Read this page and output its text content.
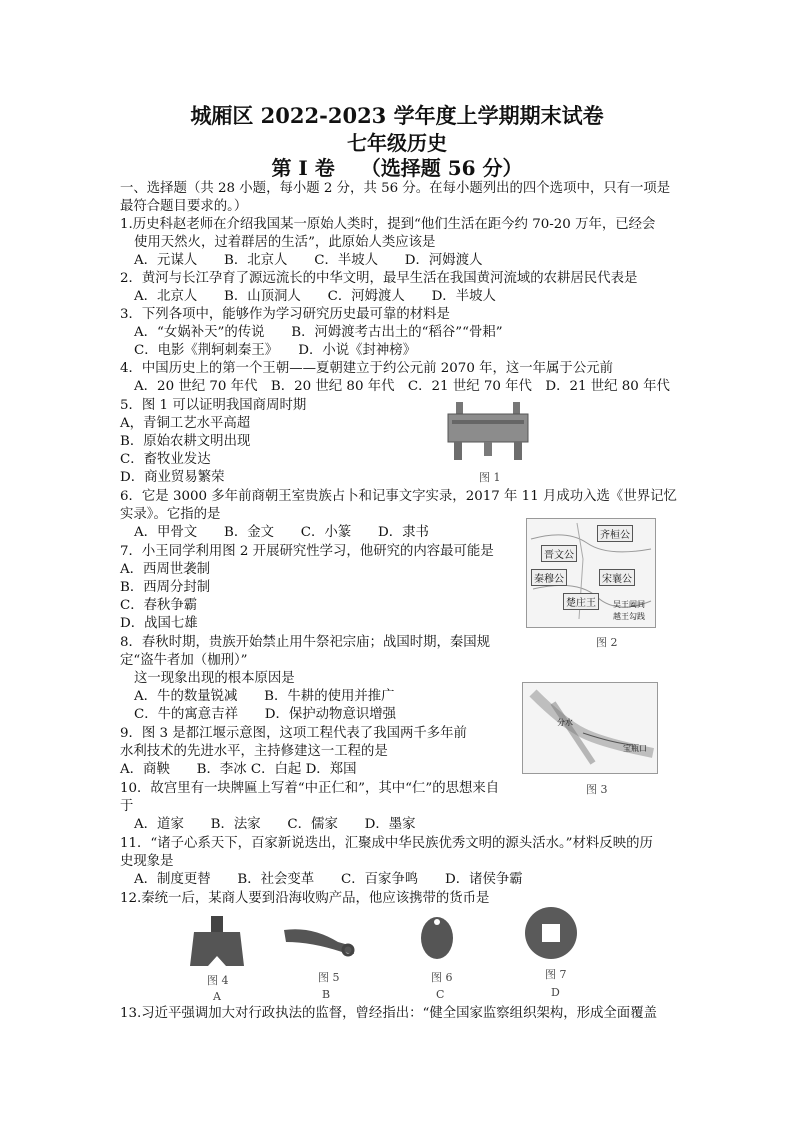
城厢区 2022-2023 学年度上学期期末试卷
七年级历史
第 I 卷 （选择题 56 分）
一、选择题（共 28 小题，每小题 2 分，共 56 分。在每小题列出的四个选项中，只有一项是
最符合题目要求的。）
1.历史科赵老师在介绍我国某一原始人类时，提到“他们生活在距今约 70-20 万年，已经会
使用天然火，过着群居的生活”，此原始人类应该是
A．元谋人　　B．北京人　　C．半坡人　　D．河姆渡人
2．黄河与长江孕育了源远流长的中华文明，最早生活在我国黄河流域的农耕居民代表是
A．北京人　　B．山顶洞人　　C．河姆渡人　　D．半坡人
3．下列各项中，能够作为学习研究历史最可靠的材料是
A．“女娲补天”的传说　　B．河姆渡考古出土的“稻谷”“骨耜”
C．电影《荆轲刺秦王》　　D．小说《封神榜》
4．中国历史上的第一个王朝——夏朝建立于约公元前 2070 年，这一年属于公元前
A．20 世纪 70 年代　B．20 世纪 80 年代　C．21 世纪 70 年代　D．21 世纪 80 年代
5．图 1 可以证明我国商周时期
A，青铜工艺水平高超
B．原始农耕文明出现
C．畜牧业发达
D．商业贸易繁荣
6．它是 3000 多年前商朝王室贵族占卜和记事文字实录，2017 年 11 月成功入选《世界记忆
实录》。它指的是
A．甲骨文　　B．金文　　C．小篆　　D．隶书
7．小王同学利用图 2 开展研究性学习，他研究的内容最可能是
A．西周世袭制
B．西周分封制
C．春秋争霸
D．战国七雄
8．春秋时期，贵族开始禁止用牛祭祀宗庙；战国时期，秦国规
定“盗牛者加（枷刑）”
这一现象出现的根本原因是
A．牛的数量锐减　　B．牛耕的使用并推广
C．牛的寓意吉祥　　D．保护动物意识增强
9．图 3 是都江堰示意图，这项工程代表了我国两千多年前
水利技术的先进水平，主持修建这一工程的是
A．商鞅　　B．李冰 C．白起 D．郑国
10．故宫里有一块牌匾上写着“中正仁和”，其中“仁”的思想来自
于
A．道家　　B．法家　　C．儒家　　D．墨家
11．“诸子心系天下，百家新说迭出，汇聚成中华民族优秀文明的源头活水。”材料反映的历
史现象是
A．制度更替　　B．社会变革　　C．百家争鸣　　D．诸侯争霸
12.秦统一后，某商人要到沿海收购产品，他应该携带的货币是
13.习近平强调加大对行政执法的监督，曾经指出：“健全国家监察组织架构，形成全面覆盖
图 1
晋文公
齐桓公
秦穆公	宋襄公
楚庄王	吴王阖闾
越王勾践
图 2
分水
宝瓶口
图 3
图 4	图 5	图 6	图 7
A	B	C	D
